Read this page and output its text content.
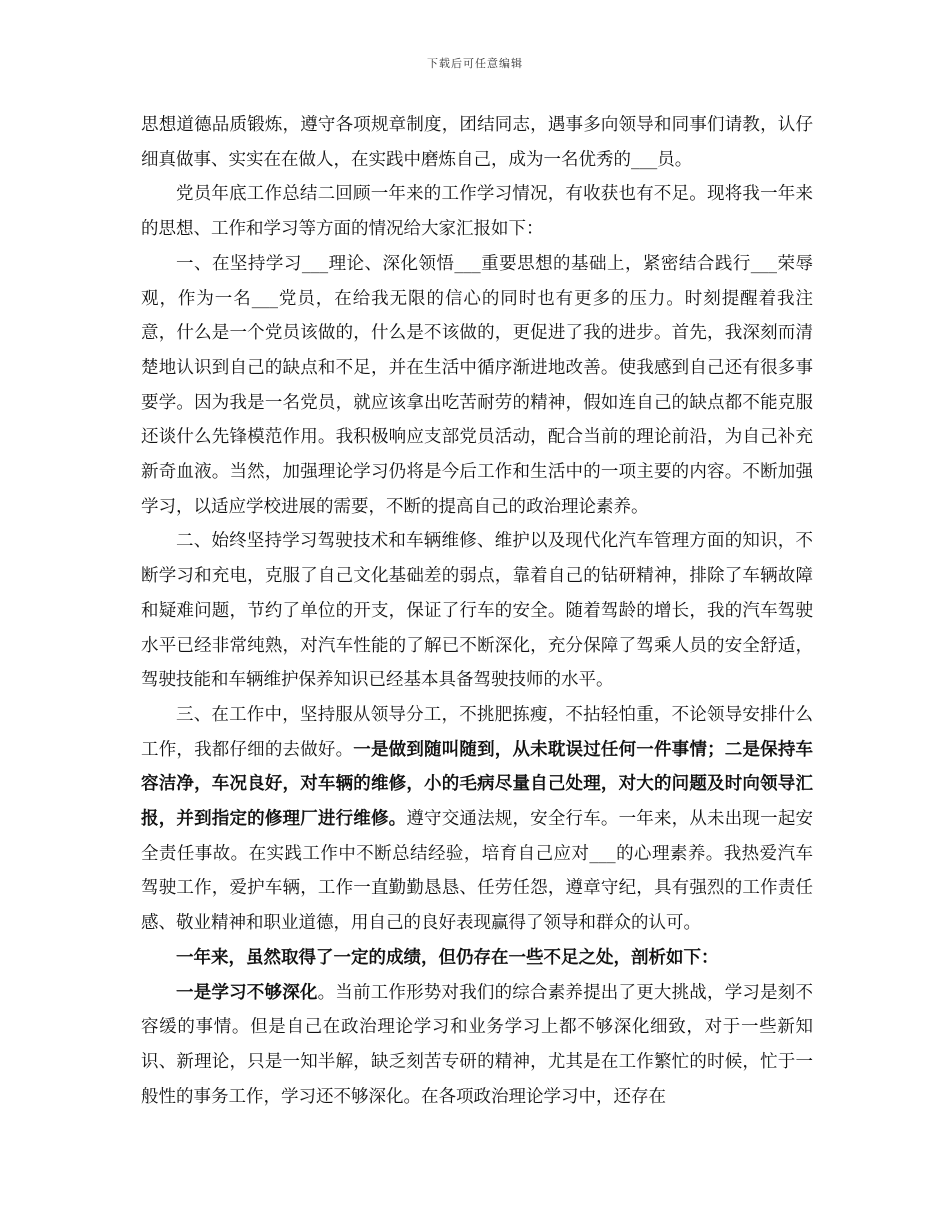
下载后可任意编辑

思想道德品质锻炼，遵守各项规章制度，团结同志，遇事多向领导和同事们请教，认仔细真做事、实实在在做人，在实践中磨炼自己，成为一名优秀的___员。

党员年底工作总结二回顾一年来的工作学习情况，有收获也有不足。现将我一年来的思想、工作和学习等方面的情况给大家汇报如下：

一、在坚持学习___理论、深化领悟___重要思想的基础上，紧密结合践行___荣辱观，作为一名___党员，在给我无限的信心的同时也有更多的压力。时刻提醒着我注意，什么是一个党员该做的，什么是不该做的，更促进了我的进步。首先，我深刻而清楚地认识到自己的缺点和不足，并在生活中循序渐进地改善。使我感到自己还有很多事要学。因为我是一名党员，就应该拿出吃苦耐劳的精神，假如连自己的缺点都不能克服还谈什么先锋模范作用。我积极响应支部党员活动，配合当前的理论前沿，为自己补充新奇血液。当然，加强理论学习仍将是今后工作和生活中的一项主要的内容。不断加强学习，以适应学校进展的需要，不断的提高自己的政治理论素养。

二、始终坚持学习驾驶技术和车辆维修、维护以及现代化汽车管理方面的知识，不断学习和充电，克服了自己文化基础差的弱点，靠着自己的钻研精神，排除了车辆故障和疑难问题，节约了单位的开支，保证了行车的安全。随着驾龄的增长，我的汽车驾驶水平已经非常纯熟，对汽车性能的了解已不断深化，充分保障了驾乘人员的安全舒适，驾驶技能和车辆维护保养知识已经基本具备驾驶技师的水平。

三、在工作中，坚持服从领导分工，不挑肥拣瘦，不拈轻怕重，不论领导安排什么工作，我都仔细的去做好。一是做到随叫随到，从未耽误过任何一件事情；二是保持车容洁净，车况良好，对车辆的维修，小的毛病尽量自己处理，对大的问题及时向领导汇报，并到指定的修理厂进行维修。遵守交通法规，安全行车。一年来，从未出现一起安全责任事故。在实践工作中不断总结经验，培育自己应对___的心理素养。我热爱汽车驾驶工作，爱护车辆，工作一直勤勤恳恳、任劳任怨，遵章守纪，具有强烈的工作责任感、敬业精神和职业道德，用自己的良好表现赢得了领导和群众的认可。

一年来，虽然取得了一定的成绩，但仍存在一些不足之处，剖析如下：

一是学习不够深化。当前工作形势对我们的综合素养提出了更大挑战，学习是刻不容缓的事情。但是自己在政治理论学习和业务学习上都不够深化细致，对于一些新知识、新理论，只是一知半解，缺乏刻苦专研的精神，尤其是在工作繁忙的时候，忙于一般性的事务工作，学习还不够深化。在各项政治理论学习中，还存在
